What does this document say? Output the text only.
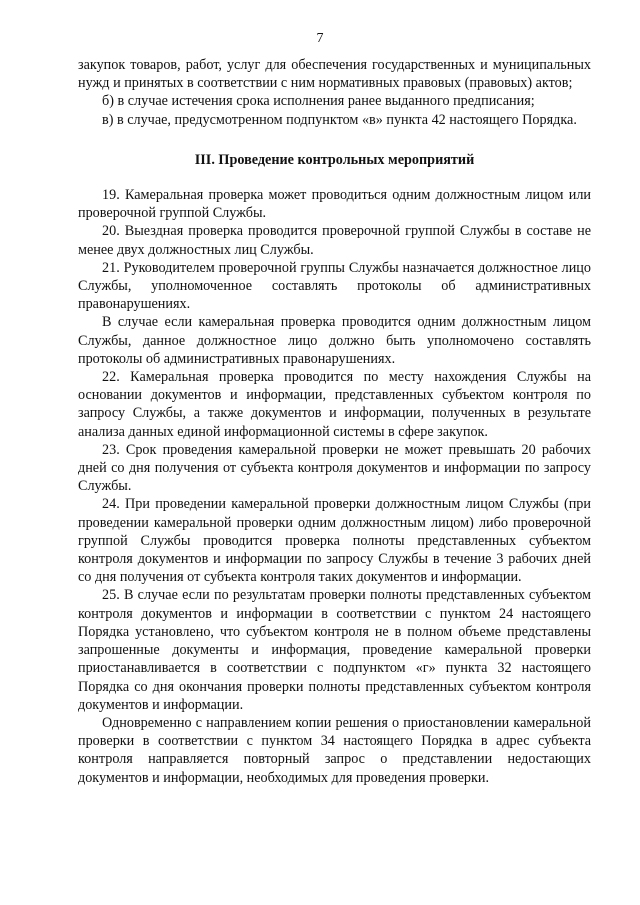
7

закупок товаров, работ, услуг для обеспечения государственных и муниципальных нужд и принятых в соответствии с ним нормативных правовых (правовых) актов;

б) в случае истечения срока исполнения ранее выданного предписания;

в) в случае, предусмотренном подпунктом «в» пункта 42 настоящего Порядка.

III. Проведение контрольных мероприятий

19. Камеральная проверка может проводиться одним должностным лицом или проверочной группой Службы.

20. Выездная проверка проводится проверочной группой Службы в составе не менее двух должностных лиц Службы.

21. Руководителем проверочной группы Службы назначается должностное лицо Службы, уполномоченное составлять протоколы об административных правонарушениях.

В случае если камеральная проверка проводится одним должностным лицом Службы, данное должностное лицо должно быть уполномочено составлять протоколы об административных правонарушениях.

22. Камеральная проверка проводится по месту нахождения Службы на основании документов и информации, представленных субъектом контроля по запросу Службы, а также документов и информации, полученных в результате анализа данных единой информационной системы в сфере закупок.

23. Срок проведения камеральной проверки не может превышать 20 рабочих дней со дня получения от субъекта контроля документов и информации по запросу Службы.

24. При проведении камеральной проверки должностным лицом Службы (при проведении камеральной проверки одним должностным лицом) либо проверочной группой Службы проводится проверка полноты представленных субъектом контроля документов и информации по запросу Службы в течение 3 рабочих дней со дня получения от субъекта контроля таких документов и информации.

25. В случае если по результатам проверки полноты представленных субъектом контроля документов и информации в соответствии с пунктом 24 настоящего Порядка установлено, что субъектом контроля не в полном объеме представлены запрошенные документы и информация, проведение камеральной проверки приостанавливается в соответствии с подпунктом «г» пункта 32 настоящего Порядка со дня окончания проверки полноты представленных субъектом контроля документов и информации.

Одновременно с направлением копии решения о приостановлении камеральной проверки в соответствии с пунктом 34 настоящего Порядка в адрес субъекта контроля направляется повторный запрос о представлении недостающих документов и информации, необходимых для проведения проверки.
